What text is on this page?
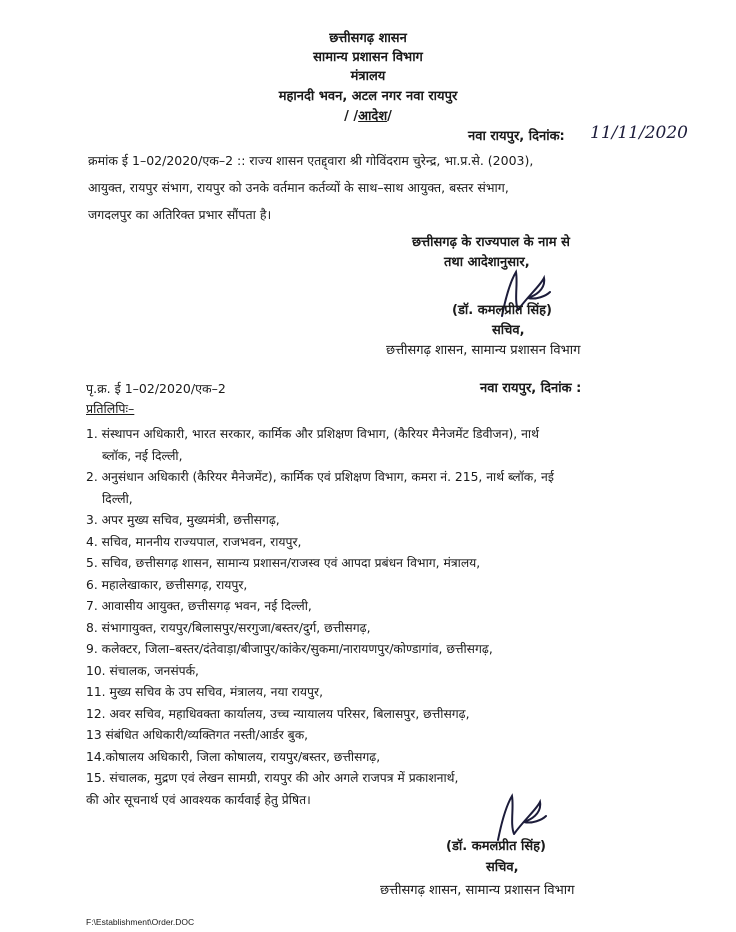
छत्तीसगढ़ शासन
सामान्य प्रशासन विभाग
मंत्रालय
महानदी भवन, अटल नगर नवा रायपुर
/ /आदेश/
नवा रायपुर, दिनांक: 11/11/2020
क्रमांक ई 1–02/2020/एक–2 :: राज्य शासन एतद्द्वारा श्री गोविंदराम चुरेन्द्र, भा.प्र.से. (2003),
आयुक्त, रायपुर संभाग, रायपुर को उनके वर्तमान कर्तव्यों के साथ–साथ आयुक्त, बस्तर संभाग,
जगदलपुर का अतिरिक्त प्रभार सौंपता है।
छत्तीसगढ़ के राज्यपाल के नाम से
तथा आदेशानुसार,
(डॉ. कमलप्रीत सिंह)
सचिव,
छत्तीसगढ़ शासन, सामान्य प्रशासन विभाग
पृ.क्र. ई 1–02/2020/एक–2	नवा रायपुर, दिनांक :
प्रतिलिपिः–
1. संस्थापन अधिकारी, भारत सरकार, कार्मिक और प्रशिक्षण विभाग, (कैरियर मैनेजमेंट डिवीजन), नार्थ
ब्लॉक, नई दिल्ली,
2. अनुसंधान अधिकारी (कैरियर मैनेजमेंट), कार्मिक एवं प्रशिक्षण विभाग, कमरा नं. 215, नार्थ ब्लॉक, नई
दिल्ली,
3. अपर मुख्य सचिव, मुख्यमंत्री, छत्तीसगढ़,
4. सचिव, माननीय राज्यपाल, राजभवन, रायपुर,
5. सचिव, छत्तीसगढ़ शासन, सामान्य प्रशासन/राजस्व एवं आपदा प्रबंधन विभाग, मंत्रालय,
6. महालेखाकार, छत्तीसगढ़, रायपुर,
7. आवासीय आयुक्त, छत्तीसगढ़ भवन, नई दिल्ली,
8. संभागायुक्त, रायपुर/बिलासपुर/सरगुजा/बस्तर/दुर्ग, छत्तीसगढ़,
9. कलेक्टर, जिला–बस्तर/दंतेवाड़ा/बीजापुर/कांकेर/सुकमा/नारायणपुर/कोण्डागांव, छत्तीसगढ़,
10. संचालक, जनसंपर्क,
11. मुख्य सचिव के उप सचिव, मंत्रालय, नया रायपुर,
12. अवर सचिव, महाधिवक्ता कार्यालय, उच्च न्यायालय परिसर, बिलासपुर, छत्तीसगढ़,
13 संबंधित अधिकारी/व्यक्तिगत नस्ती/आर्डर बुक,
14.कोषालय अधिकारी, जिला कोषालय, रायपुर/बस्तर, छत्तीसगढ़,
15. संचालक, मुद्रण एवं लेखन सामग्री, रायपुर की ओर अगले राजपत्र में प्रकाशनार्थ,
की ओर सूचनार्थ एवं आवश्यक कार्यवाई हेतु प्रेषित।
(डॉ. कमलप्रीत सिंह)
सचिव,
छत्तीसगढ़ शासन, सामान्य प्रशासन विभाग
F:\Establishment\Order.DOC
